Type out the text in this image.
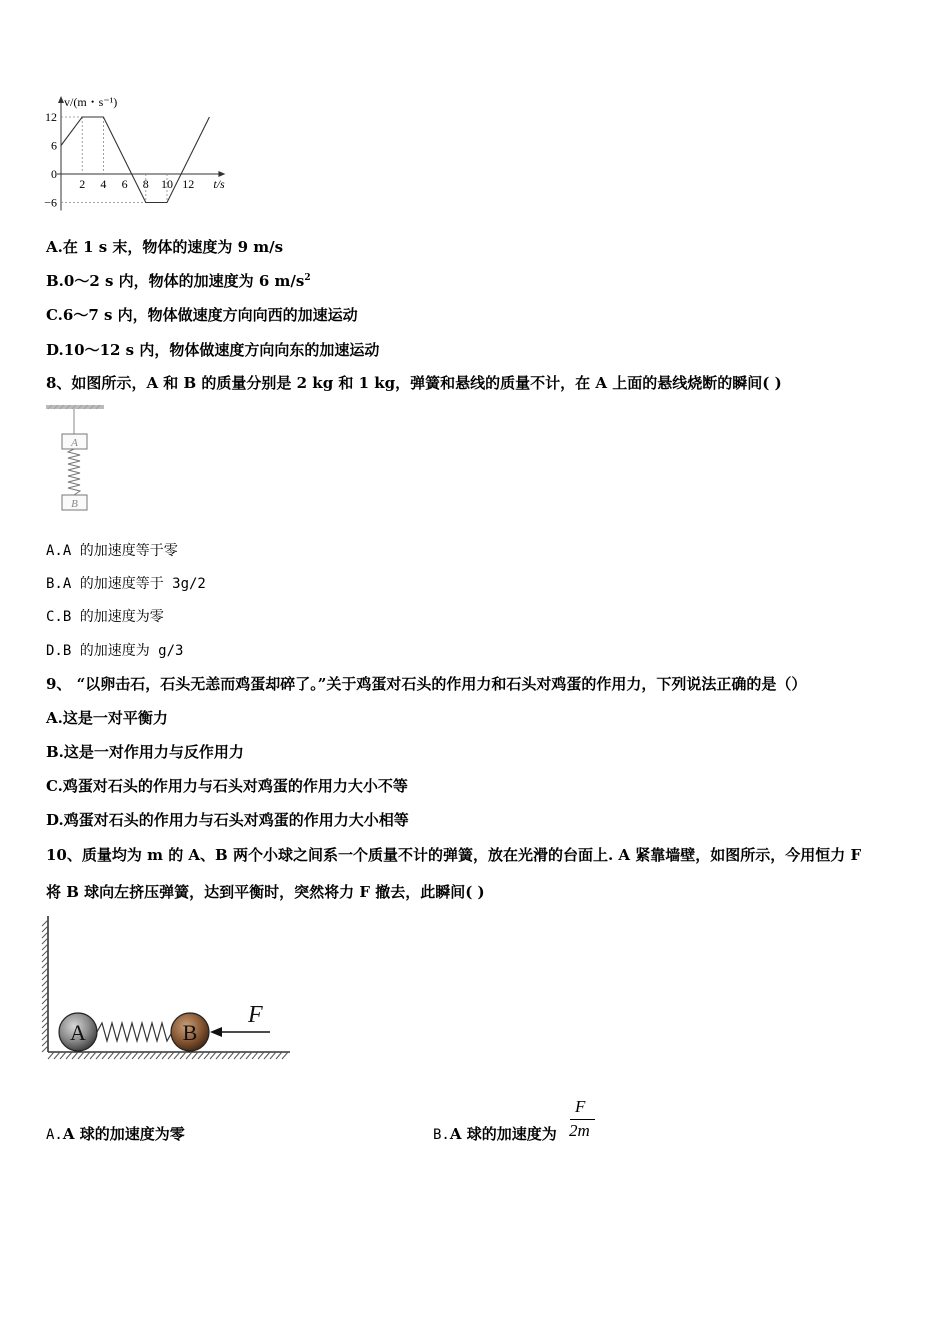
v/(m・s⁻¹)
t/s
12
6
0
−6
2 4 6 8 10 12
A.在 1 s 末，物体的速度为 9 m/s
B.0～2 s 内，物体的加速度为 6 $m/s^2$
C.6～7 s 内，物体做速度方向向西的加速运动
D.10～12 s 内，物体做速度方向向东的加速运动
8、如图所示，A 和 B 的质量分别是 2 kg 和 1 kg，弹簧和悬线的质量不计，在 A 上面的悬线烧断的瞬间( )
A
B
A.A 的加速度等于零
B.A 的加速度等于 3g/2
C.B 的加速度为零
D.B 的加速度为 g/3
9、 “以卵击石，石头无恙而鸡蛋却碎了。”关于鸡蛋对石头的作用力和石头对鸡蛋的作用力，下列说法正确的是（）
A.这是一对平衡力
B.这是一对作用力与反作用力
C.鸡蛋对石头的作用力与石头对鸡蛋的作用力大小不等
D.鸡蛋对石头的作用力与石头对鸡蛋的作用力大小相等
10、质量均为 m 的 A、B 两个小球之间系一个质量不计的弹簧，放在光滑的台面上. A 紧靠墙壁，如图所示，今用恒力 F
将 B 球向左挤压弹簧，达到平衡时，突然将力 F 撤去，此瞬间( )
A	B
F
A.A 球的加速度为零	B.A 球的加速度为
F
2m
